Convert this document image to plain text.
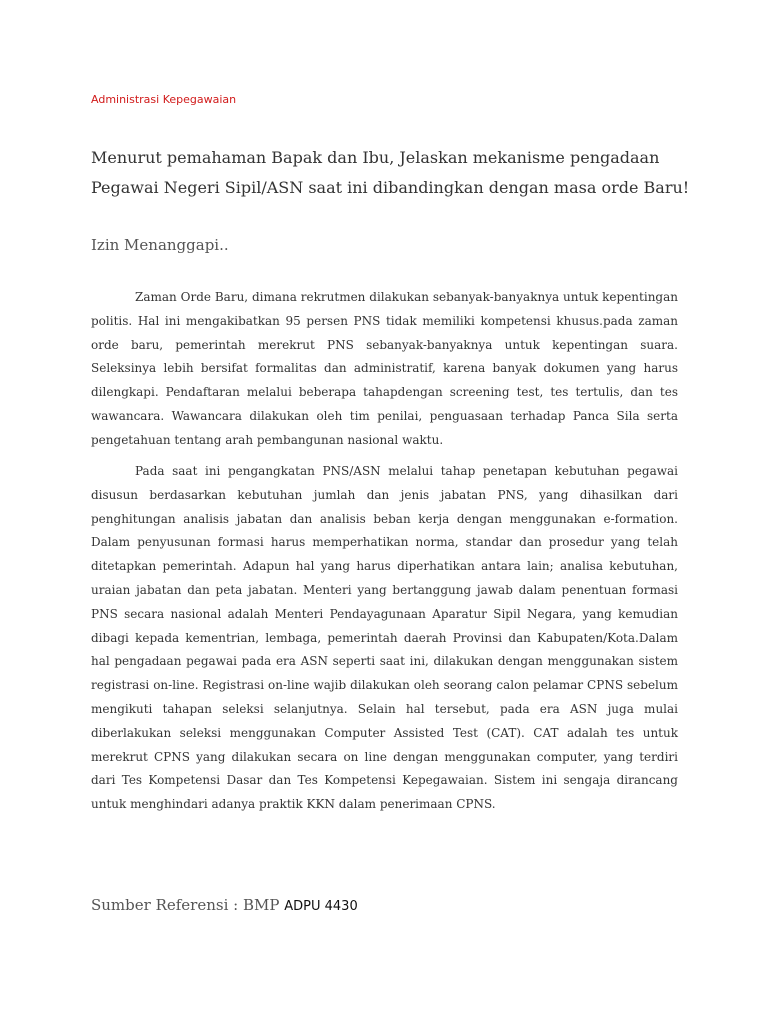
Administrasi Kepegawaian
Menurut pemahaman Bapak dan Ibu, Jelaskan mekanisme pengadaan
Pegawai Negeri Sipil/ASN saat ini dibandingkan dengan masa orde Baru!
Izin Menanggapi..

Zaman Orde Baru, dimana rekrutmen dilakukan sebanyak-banyaknya untuk kepentingan politis. Hal ini mengakibatkan 95 persen PNS tidak memiliki kompetensi khusus.pada zaman orde baru, pemerintah merekrut PNS sebanyak-banyaknya untuk kepentingan suara. Seleksinya lebih bersifat formalitas dan administratif, karena banyak dokumen yang harus dilengkapi. Pendaftaran melalui beberapa tahapdengan screening test, tes tertulis, dan tes wawancara. Wawancara dilakukan oleh tim penilai, penguasaan terhadap Panca Sila serta pengetahuan tentang arah pembangunan nasional waktu.

Pada saat ini pengangkatan PNS/ASN melalui tahap penetapan kebutuhan pegawai disusun berdasarkan kebutuhan jumlah dan jenis jabatan PNS, yang dihasilkan dari penghitungan analisis jabatan dan analisis beban kerja dengan menggunakan e-formation. Dalam penyusunan formasi harus memperhatikan norma, standar dan prosedur yang telah ditetapkan pemerintah. Adapun hal yang harus diperhatikan antara lain; analisa kebutuhan, uraian jabatan dan peta jabatan. Menteri yang bertanggung jawab dalam penentuan formasi PNS secara nasional adalah Menteri Pendayagunaan Aparatur Sipil Negara, yang kemudian dibagi kepada kementrian, lembaga, pemerintah daerah Provinsi dan Kabupaten/Kota.Dalam hal pengadaan pegawai pada era ASN seperti saat ini, dilakukan dengan menggunakan sistem registrasi on-line. Registrasi on-line wajib dilakukan oleh seorang calon pelamar CPNS sebelum mengikuti tahapan seleksi selanjutnya. Selain hal tersebut, pada era ASN juga mulai diberlakukan seleksi menggunakan Computer Assisted Test (CAT). CAT adalah tes untuk merekrut CPNS yang dilakukan secara on line dengan menggunakan computer, yang terdiri dari Tes Kompetensi Dasar dan Tes Kompetensi Kepegawaian. Sistem ini sengaja dirancang untuk menghindari adanya praktik KKN dalam penerimaan CPNS.

Sumber Referensi : BMP ADPU 4430
